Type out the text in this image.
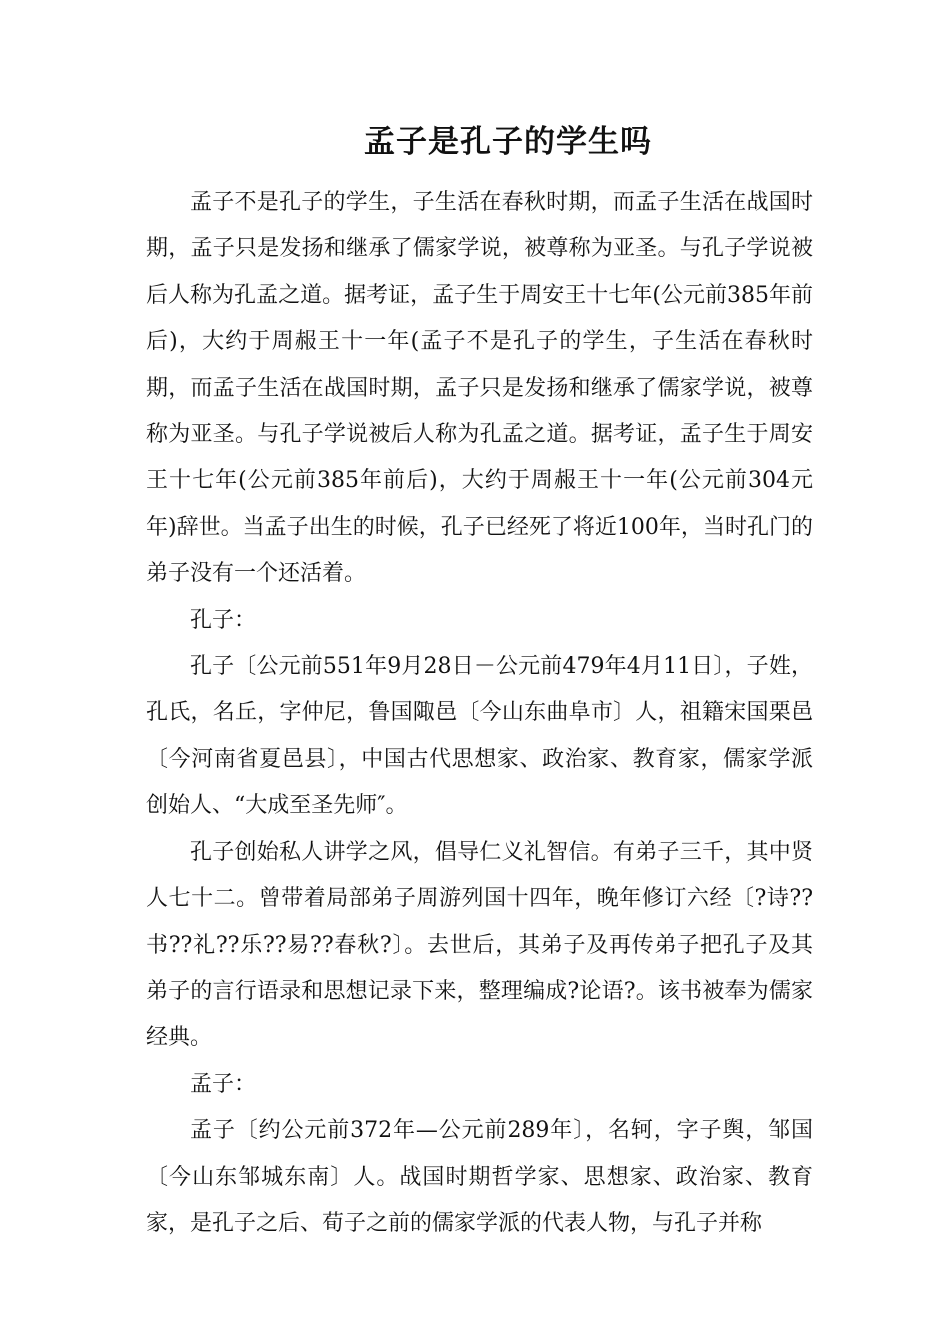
孟子是孔子的学生吗

孟子不是孔子的学生，子生活在春秋时期，而孟子生活在战国时期，孟子只是发扬和继承了儒家学说，被尊称为亚圣。与孔子学说被后人称为孔孟之道。据考证，孟子生于周安王十七年(公元前385年前后)，大约于周赧王十一年(孟子不是孔子的学生，子生活在春秋时期，而孟子生活在战国时期，孟子只是发扬和继承了儒家学说，被尊称为亚圣。与孔子学说被后人称为孔孟之道。据考证，孟子生于周安王十七年(公元前385年前后)，大约于周赧王十一年(公元前304元年)辞世。当孟子出生的时候，孔子已经死了将近100年，当时孔门的弟子没有一个还活着。

孔子：

孔子〔公元前551年9月28日－公元前479年4月11日〕，子姓，孔氏，名丘，字仲尼，鲁国陬邑〔今山东曲阜市〕人，祖籍宋国栗邑〔今河南省夏邑县〕，中国古代思想家、政治家、教育家，儒家学派创始人、“大成至圣先师″。

孔子创始私人讲学之风，倡导仁义礼智信。有弟子三千，其中贤人七十二。曾带着局部弟子周游列国十四年，晚年修订六经〔?诗??书??礼??乐??易??春秋?〕。去世后，其弟子及再传弟子把孔子及其弟子的言行语录和思想记录下来，整理编成?论语?。该书被奉为儒家经典。

孟子：

孟子〔约公元前372年—公元前289年〕，名轲，字子舆，邹国〔今山东邹城东南〕人。战国时期哲学家、思想家、政治家、教育家，是孔子之后、荀子之前的儒家学派的代表人物，与孔子并称
